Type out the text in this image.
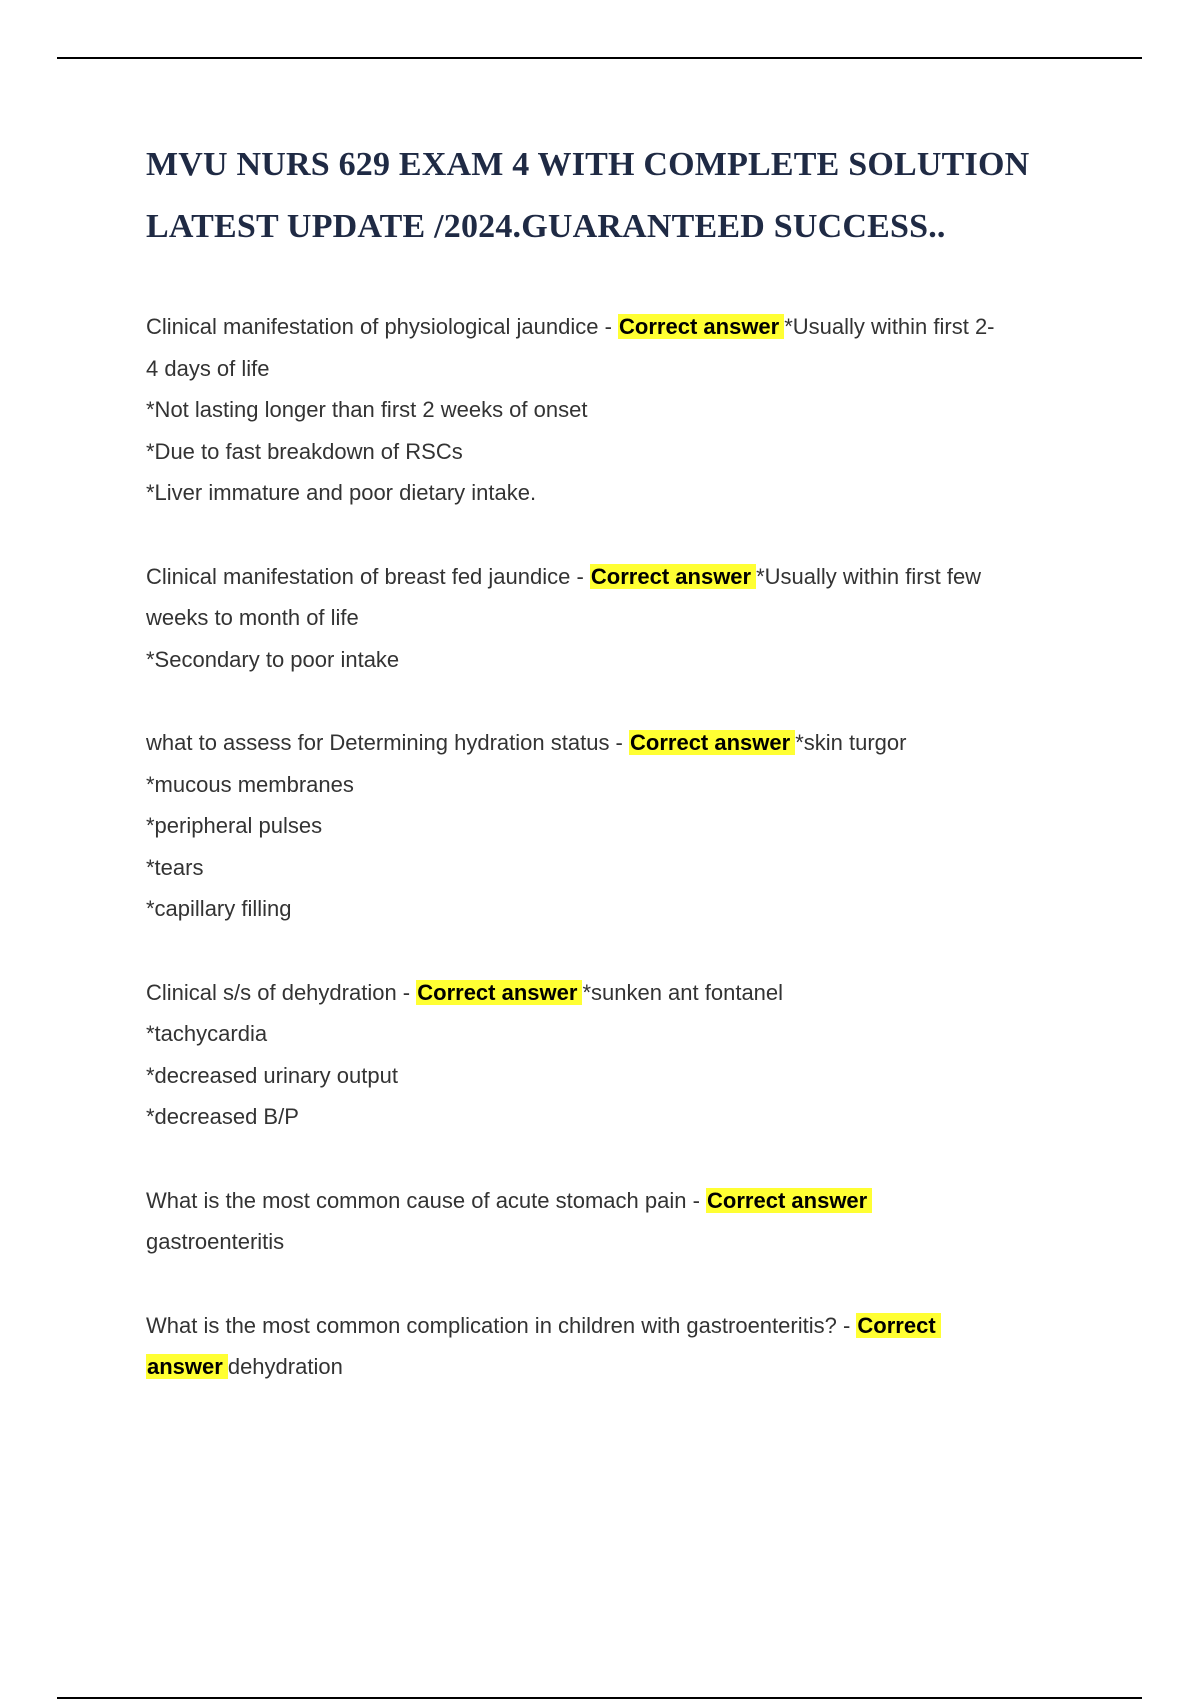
MVU NURS 629 EXAM 4 WITH COMPLETE SOLUTION LATEST UPDATE /2024.GUARANTEED SUCCESS..

Clinical manifestation of physiological jaundice - Correct answer *Usually within first 2-

4 days of life

*Not lasting longer than first 2 weeks of onset

*Due to fast breakdown of RSCs

*Liver immature and poor dietary intake.

Clinical manifestation of breast fed jaundice - Correct answer *Usually within first few

weeks to month of life

*Secondary to poor intake

what to assess for Determining hydration status - Correct answer *skin turgor

*mucous membranes

*peripheral pulses

*tears

*capillary filling

Clinical s/s of dehydration - Correct answer *sunken ant fontanel

*tachycardia

*decreased urinary output

*decreased B/P

What is the most common cause of acute stomach pain - Correct answer

gastroenteritis

What is the most common complication in children with gastroenteritis? - Correct

answer dehydration
